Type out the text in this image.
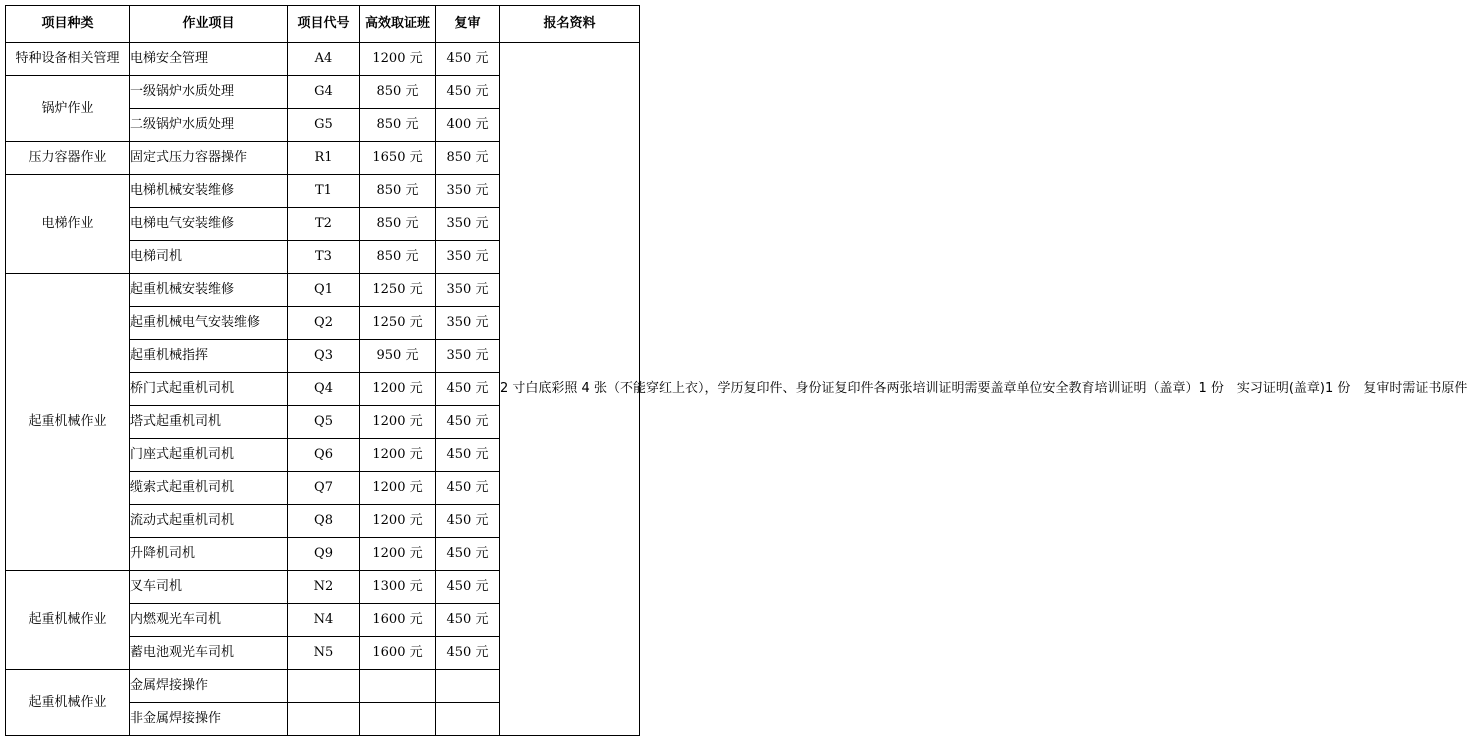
项目种类	作业项目	项目代号	高效取证班	复审	报名资料
特种设备相关管理	电梯安全管理	A4	1200 元	450 元	2 寸白底彩照 4 张（不能穿红上衣），学历复印件、身份证复印件各两张培训证明需要盖章单位安全教育培训证明（盖章）1 份　实习证明(盖章)1 份　复审时需证书原件
锅炉作业	一级锅炉水质处理	G4	850 元	450 元	
	二级锅炉水质处理	G5	850 元	400 元	
压力容器作业	固定式压力容器操作	R1	1650 元	850 元	
电梯作业	电梯机械安装维修	T1	850 元	350 元	
	电梯电气安装维修	T2	850 元	350 元	
	电梯司机	T3	850 元	350 元	
起重机械作业	起重机械安装维修	Q1	1250 元	350 元	
	起重机械电气安装维修	Q2	1250 元	350 元	
	起重机械指挥	Q3	950 元	350 元	
	桥门式起重机司机	Q4	1200 元	450 元	
	塔式起重机司机	Q5	1200 元	450 元	
	门座式起重机司机	Q6	1200 元	450 元	
	缆索式起重机司机	Q7	1200 元	450 元	
	流动式起重机司机	Q8	1200 元	450 元	
	升降机司机	Q9	1200 元	450 元	
起重机械作业	叉车司机	N2	1300 元	450 元	
	内燃观光车司机	N4	1600 元	450 元	
	蓄电池观光车司机	N5	1600 元	450 元	
起重机械作业	金属焊接操作				
	非金属焊接操作				
